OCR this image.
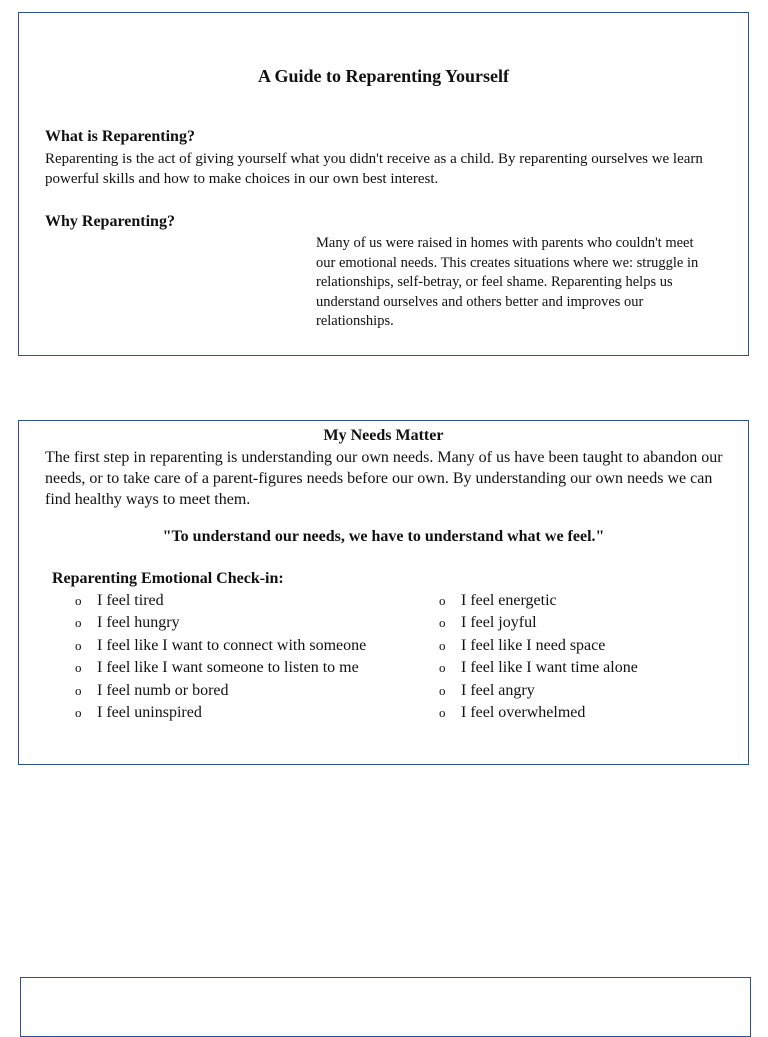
A Guide to Reparenting Yourself
What is Reparenting?
Reparenting is the act of giving yourself what you didn't receive as a child. By reparenting ourselves we learn powerful skills and how to make choices in our own best interest.
Why Reparenting?
Many of us were raised in homes with parents who couldn't meet our emotional needs. This creates situations where we: struggle in relationships, self-betray, or feel shame. Reparenting helps us understand ourselves and others better and improves our relationships.
My Needs Matter
The first step in reparenting is understanding our own needs. Many of us have been taught to abandon our needs, or to take care of a parent-figures needs before our own. By understanding our own needs we can find healthy ways to meet them.
"To understand our needs, we have to understand what we feel."
Reparenting Emotional Check-in:
o I feel tired
o I feel hungry
o I feel like I want to connect with someone
o I feel like I want someone to listen to me
o I feel numb or bored
o I feel uninspired
o I feel energetic
o I feel joyful
o I feel like I need space
o I feel like I want time alone
o I feel angry
o I feel overwhelmed
